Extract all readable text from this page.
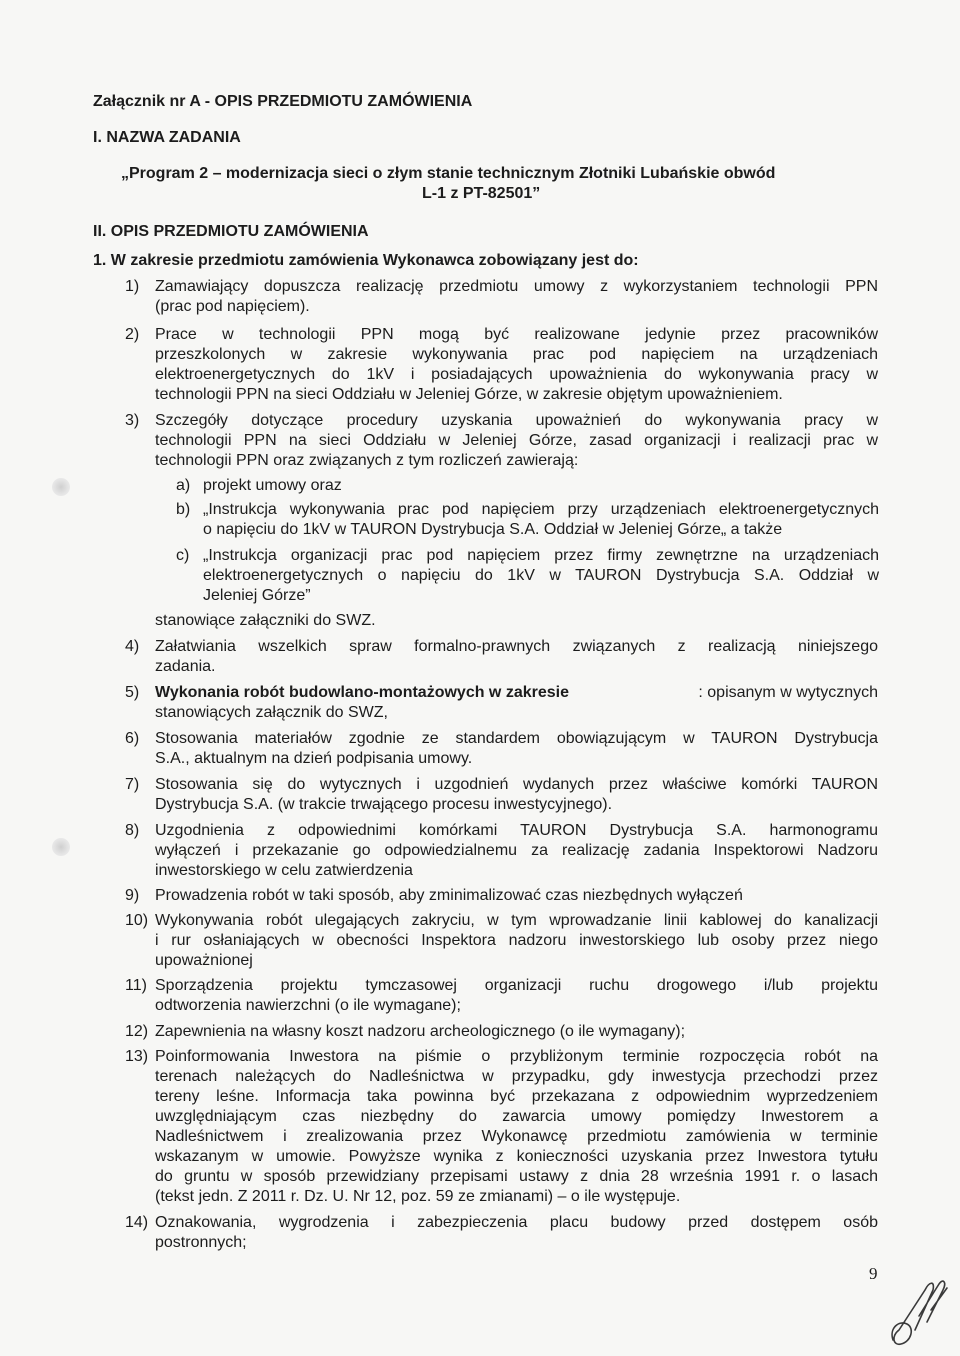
Załącznik nr A - OPIS PRZEDMIOTU ZAMÓWIENIA
I. NAZWA ZADANIA
„Program 2 – modernizacja sieci o złym stanie technicznym Złotniki Lubańskie obwód
L-1 z PT-82501”
II. OPIS PRZEDMIOTU ZAMÓWIENIA
1. W zakresie przedmiotu zamówienia Wykonawca zobowiązany jest do:
1) Zamawiający dopuszcza realizację przedmiotu umowy z wykorzystaniem technologii PPN
(prac pod napięciem).
2) Prace w technologii PPN mogą być realizowane jedynie przez pracowników
przeszkolonych w zakresie wykonywania prac pod napięciem na urządzeniach
elektroenergetycznych do 1kV i posiadających upoważnienia do wykonywania pracy w
technologii PPN na sieci Oddziału w Jeleniej Górze, w zakresie objętym upoważnieniem.
3) Szczegóły dotyczące procedury uzyskania upoważnień do wykonywania pracy w
technologii PPN na sieci Oddziału w Jeleniej Górze, zasad organizacji i realizacji prac w
technologii PPN oraz związanych z tym rozliczeń zawierają:
a) projekt umowy oraz
b) „Instrukcja wykonywania prac pod napięciem przy urządzeniach elektroenergetycznych
o napięciu do 1kV w TAURON Dystrybucja S.A. Oddział w Jeleniej Górze„ a także
c) „Instrukcja organizacji prac pod napięciem przez firmy zewnętrzne na urządzeniach
elektroenergetycznych o napięciu do 1kV w TAURON Dystrybucja S.A. Oddział w
Jeleniej Górze”
stanowiące załączniki do SWZ.
4) Załatwiania wszelkich spraw formalno-prawnych związanych z realizacją niniejszego
zadania.
5) Wykonania robót budowlano-montażowych w zakresie	: opisanym w wytycznych
stanowiących załącznik do SWZ,
6) Stosowania materiałów zgodnie ze standardem obowiązującym w TAURON Dystrybucja
S.A., aktualnym na dzień podpisania umowy.
7) Stosowania się do wytycznych i uzgodnień wydanych przez właściwe komórki TAURON
Dystrybucja S.A. (w trakcie trwającego procesu inwestycyjnego).
8) Uzgodnienia z odpowiednimi komórkami TAURON Dystrybucja S.A. harmonogramu
wyłączeń i przekazanie go odpowiedzialnemu za realizację zadania Inspektorowi Nadzoru
inwestorskiego w celu zatwierdzenia
9) Prowadzenia robót w taki sposób, aby zminimalizować czas niezbędnych wyłączeń
10) Wykonywania robót ulegających zakryciu, w tym wprowadzanie linii kablowej do kanalizacji
i rur osłaniających w obecności Inspektora nadzoru inwestorskiego lub osoby przez niego
upoważnionej
11) Sporządzenia projektu tymczasowej organizacji ruchu drogowego i/lub projektu
odtworzenia nawierzchni (o ile wymagane);
12) Zapewnienia na własny koszt nadzoru archeologicznego (o ile wymagany);
13) Poinformowania Inwestora na piśmie o przybliżonym terminie rozpoczęcia robót na
terenach należących do Nadleśnictwa w przypadku, gdy inwestycja przechodzi przez
tereny leśne. Informacja taka powinna być przekazana z odpowiednim wyprzedzeniem
uwzględniającym czas niezbędny do zawarcia umowy pomiędzy Inwestorem a
Nadleśnictwem i zrealizowania przez Wykonawcę przedmiotu zamówienia w terminie
wskazanym w umowie. Powyższe wynika z konieczności uzyskania przez Inwestora tytułu
do gruntu w sposób przewidziany przepisami ustawy z dnia 28 września 1991 r. o lasach
(tekst jedn. Z 2011 r. Dz. U. Nr 12, poz. 59 ze zmianami) – o ile występuje.
14) Oznakowania, wygrodzenia i zabezpieczenia placu budowy przed dostępem osób
postronnych;
9
